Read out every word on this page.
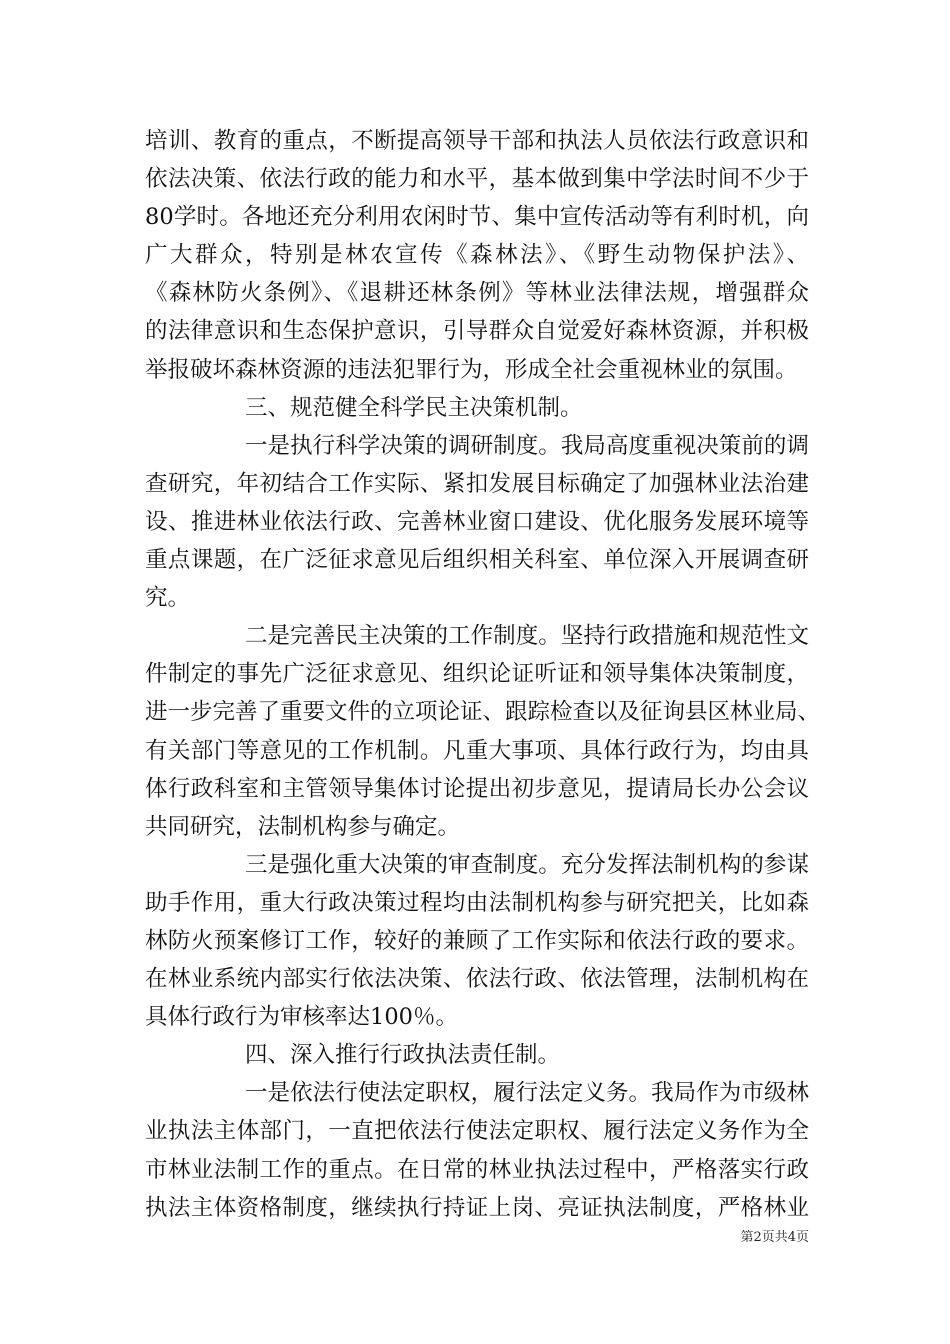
培训、教育的重点，不断提高领导干部和执法人员依法行政意识和
依法决策、依法行政的能力和水平，基本做到集中学法时间不少于
80学时。各地还充分利用农闲时节、集中宣传活动等有利时机，向
广大群众，特别是林农宣传《森林法》、《野生动物保护法》、
《森林防火条例》、《退耕还林条例》等林业法律法规，增强群众
的法律意识和生态保护意识，引导群众自觉爱好森林资源，并积极
举报破坏森林资源的违法犯罪行为，形成全社会重视林业的氛围。
三、规范健全科学民主决策机制。
一是执行科学决策的调研制度。我局高度重视决策前的调
查研究，年初结合工作实际、紧扣发展目标确定了加强林业法治建
设、推进林业依法行政、完善林业窗口建设、优化服务发展环境等
重点课题，在广泛征求意见后组织相关科室、单位深入开展调查研
究。
二是完善民主决策的工作制度。坚持行政措施和规范性文
件制定的事先广泛征求意见、组织论证听证和领导集体决策制度，
进一步完善了重要文件的立项论证、跟踪检查以及征询县区林业局、
有关部门等意见的工作机制。凡重大事项、具体行政行为，均由具
体行政科室和主管领导集体讨论提出初步意见，提请局长办公会议
共同研究，法制机构参与确定。
三是强化重大决策的审查制度。充分发挥法制机构的参谋
助手作用，重大行政决策过程均由法制机构参与研究把关，比如森
林防火预案修订工作，较好的兼顾了工作实际和依法行政的要求。
在林业系统内部实行依法决策、依法行政、依法管理，法制机构在
具体行政行为审核率达100％。
四、深入推行行政执法责任制。
一是依法行使法定职权，履行法定义务。我局作为市级林
业执法主体部门，一直把依法行使法定职权、履行法定义务作为全
市林业法制工作的重点。在日常的林业执法过程中，严格落实行政
执法主体资格制度，继续执行持证上岗、亮证执法制度，严格林业
第2页共4页
